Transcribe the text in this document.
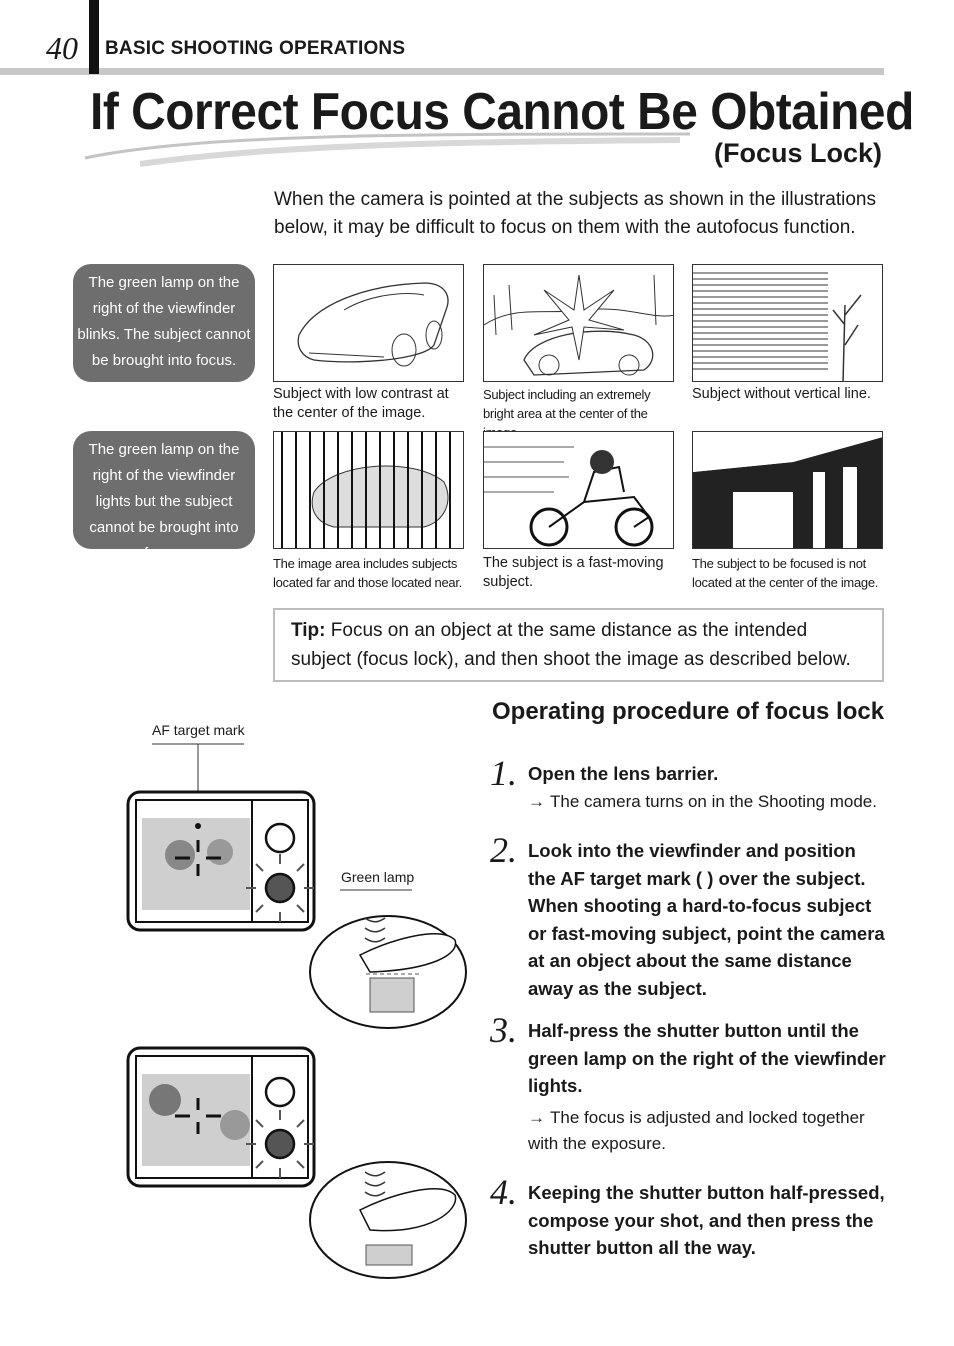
40 BASIC SHOOTING OPERATIONS
If Correct Focus Cannot Be Obtained
(Focus Lock)
When the camera is pointed at the subjects as shown in the illustrations below, it may be difficult to focus on them with the autofocus function.
The green lamp on the right of the viewfinder blinks. The subject cannot be brought into focus.
The green lamp on the right of the viewfinder lights but the subject cannot be brought into focus.
Subject with low contrast at the center of the image.
Subject including an extremely bright area at the center of the
Subject without vertical line.
The image area includes subjects located far and those located near.
The subject is a fast-moving subject.
The subject to be focused is not located at the center of the image.
Tip: Focus on an object at the same distance as the intended subject (focus lock), and then shoot the image as described below.
Operating procedure of focus lock
1. Open the lens barrier.
→ The camera turns on in the Shooting mode.
2. Look into the viewfinder and position the AF target mark ( ) over the subject. When shooting a hard-to-focus subject or fast-moving subject, point the camera at an object about the same distance away as the subject.
3. Half-press the shutter button until the green lamp on the right of the viewfinder lights.
→ The focus is adjusted and locked together with the exposure.
4. Keeping the shutter button half-pressed, compose your shot, and then press the shutter button all the way.
AF target mark
Green lamp
